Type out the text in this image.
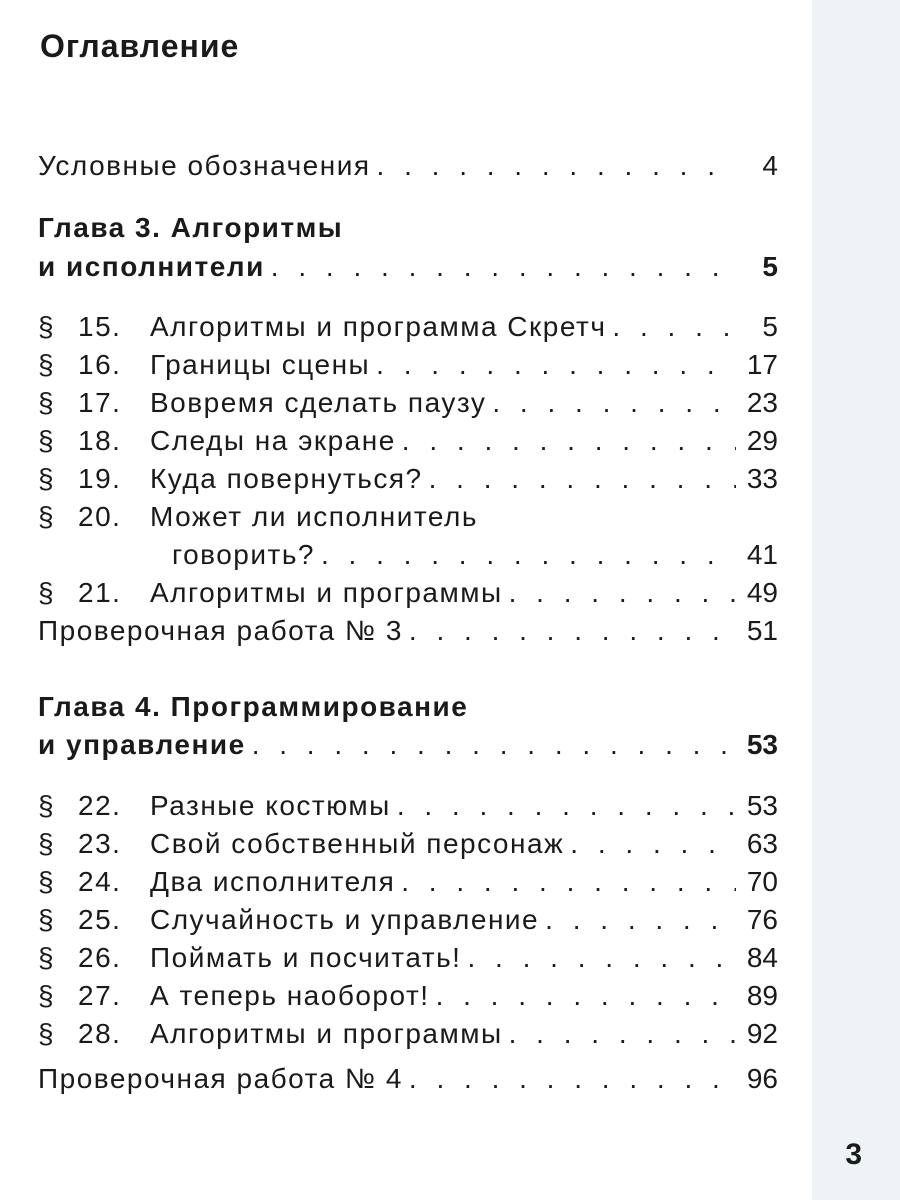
Оглавление
Условные обозначения . . .	4
Глава 3. Алгоритмы
и исполнители . . .	5
§ 15.	Алгоритмы и программа Скретч . . .	5
§ 16.	Границы сцены . . .	17
§ 17.	Вовремя сделать паузу . . .	23
§ 18.	Следы на экране . . .	29
§ 19.	Куда повернуться? . . .	33
§ 20.	Может ли исполнитель
говорить? . . .	41
§ 21.	Алгоритмы и программы . . .	49
Проверочная работа № 3 . . .	51
Глава 4. Программирование
и управление . . .	53
§ 22.	Разные костюмы . . .	53
§ 23.	Свой собственный персонаж . . .	63
§ 24.	Два исполнителя . . .	70
§ 25.	Случайность и управление . . .	76
§ 26.	Поймать и посчитать! . . .	84
§ 27.	А теперь наоборот! . . .	89
§ 28.	Алгоритмы и программы . . .	92
Проверочная работа № 4 . . .	96
3
